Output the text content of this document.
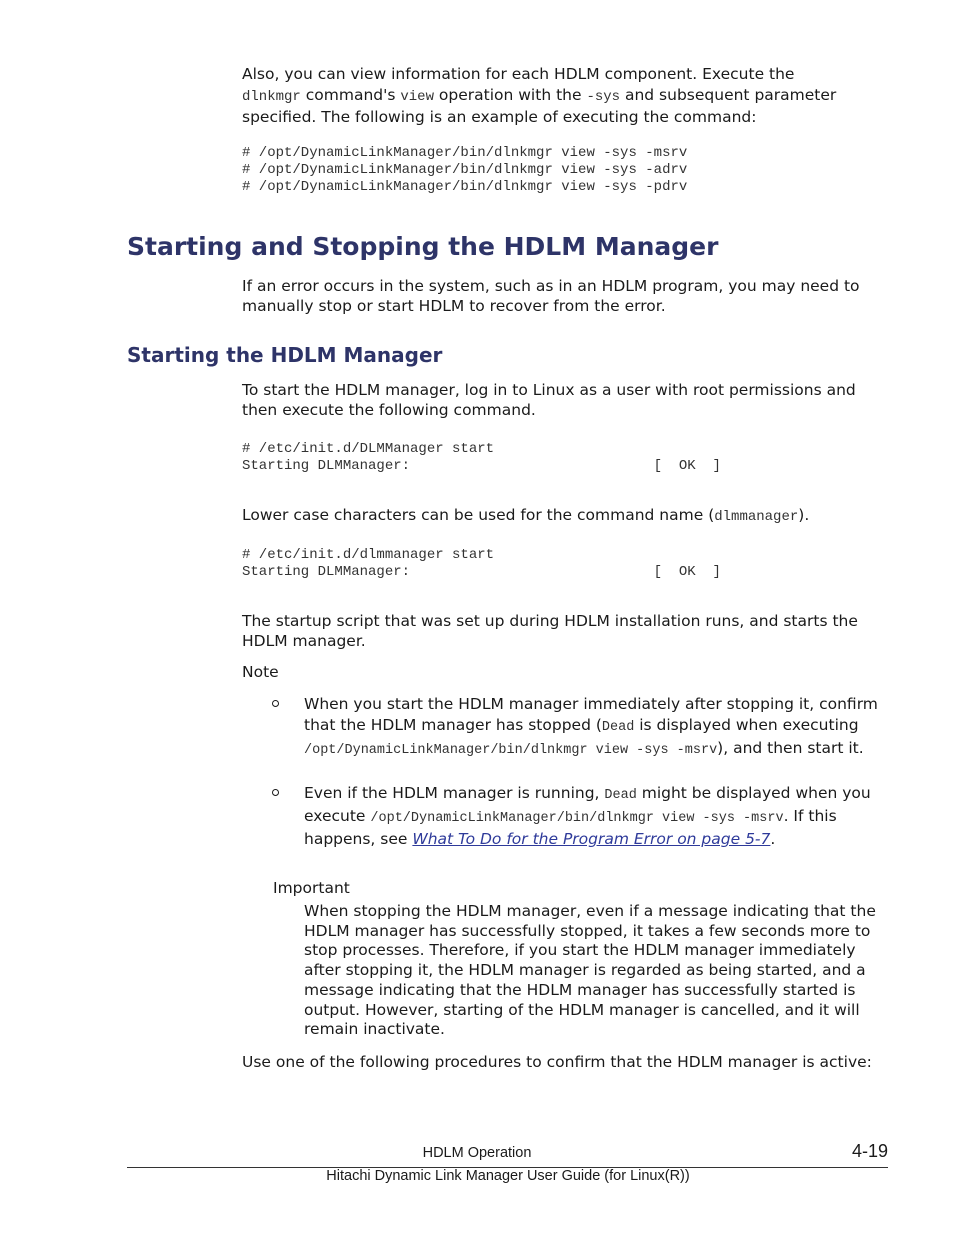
Also, you can view information for each HDLM component. Execute the
dlnkmgr command's view operation with the -sys and subsequent parameter specified. The following is an example of executing the command:

# /opt/DynamicLinkManager/bin/dlnkmgr view -sys -msrv
# /opt/DynamicLinkManager/bin/dlnkmgr view -sys -adrv
# /opt/DynamicLinkManager/bin/dlnkmgr view -sys -pdrv
Starting and Stopping the HDLM Manager

If an error occurs in the system, such as in an HDLM program, you may need to manually stop or start HDLM to recover from the error.

Starting the HDLM Manager

To start the HDLM manager, log in to Linux as a user with root permissions and then execute the following command.

# /etc/init.d/DLMManager start
Starting DLMManager:                             [  OK  ]

Lower case characters can be used for the command name (dlmmanager).

# /etc/init.d/dlmmanager start
Starting DLMManager:                             [  OK  ]

The startup script that was set up during HDLM installation runs, and starts the HDLM manager.

Note

When you start the HDLM manager immediately after stopping it, confirm that the HDLM manager has stopped (Dead is displayed when executing /opt/DynamicLinkManager/bin/dlnkmgr view -sys -msrv), and then start it.

Even if the HDLM manager is running, Dead might be displayed when you execute /opt/DynamicLinkManager/bin/dlnkmgr view -sys -msrv. If this happens, see What To Do for the Program Error on page 5-7.

Important

When stopping the HDLM manager, even if a message indicating that the HDLM manager has successfully stopped, it takes a few seconds more to stop processes. Therefore, if you start the HDLM manager immediately after stopping it, the HDLM manager is regarded as being started, and a message indicating that the HDLM manager has successfully started is output. However, starting of the HDLM manager is cancelled, and it will remain inactivate.

Use one of the following procedures to confirm that the HDLM manager is active:

HDLM Operation	4-19
Hitachi Dynamic Link Manager User Guide (for Linux(R))
